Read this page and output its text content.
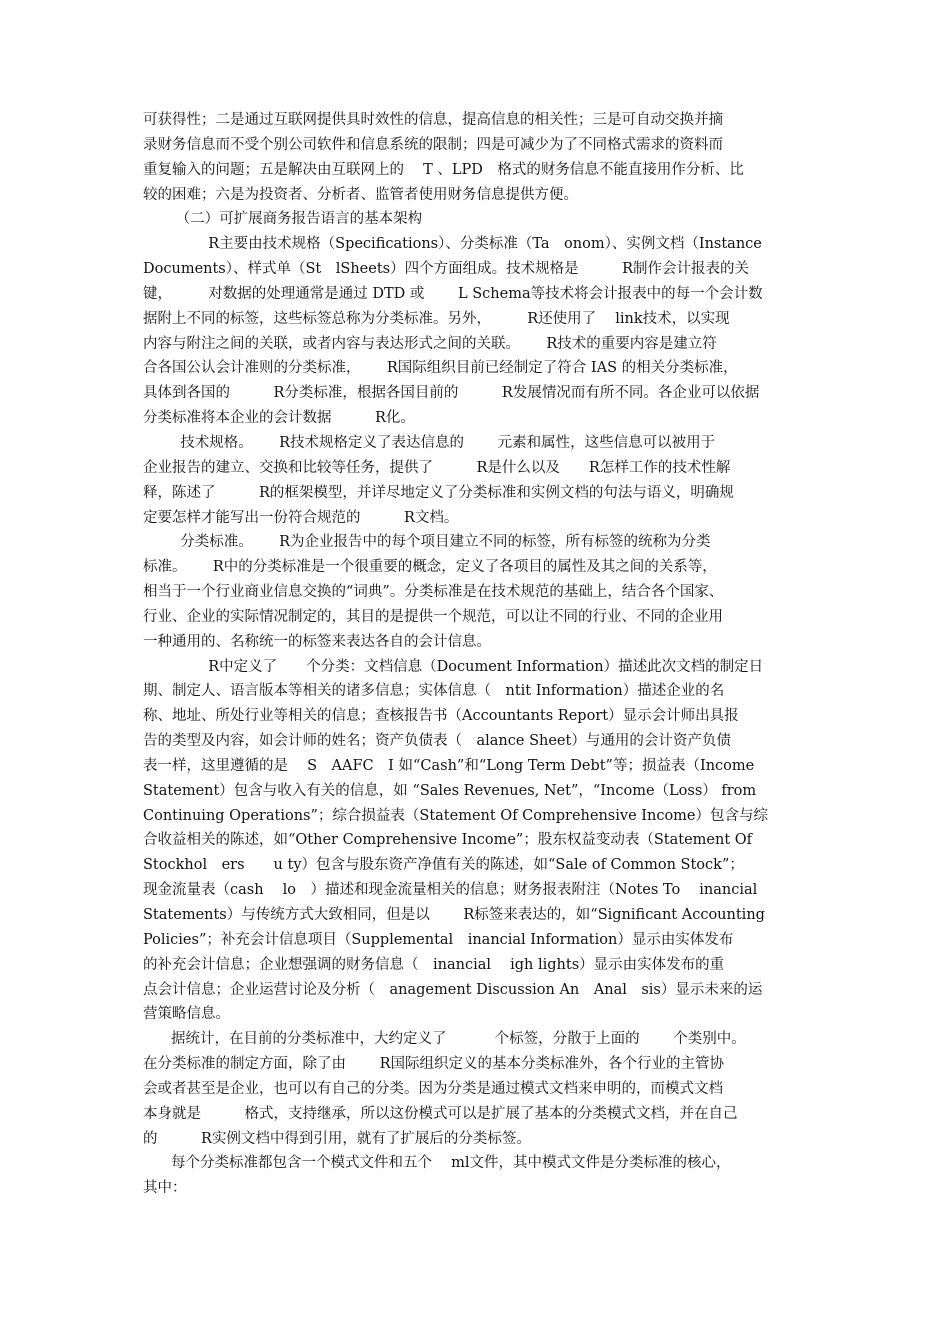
可获得性；二是通过互联网提供具时效性的信息，提高信息的相关性；三是可自动交换并摘
录财务信息而不受个别公司软件和信息系统的限制；四是可减少为了不同格式需求的资料而
重复输入的问题；五是解决由互联网上的　 T 、LPD　格式的财务信息不能直接用作分析、比
较的困难；六是为投资者、分析者、监管者使用财务信息提供方便。
（二）可扩展商务报告语言的基本架构
R主要由技术规格（Specifications）、分类标准（Ta　onom）、实例文档（Instance
Documents）、样式单（St　lSheets）四个方面组成。技术规格是　　　R制作会计报表的关
键，　　　对数据的处理通常是通过 DTD 或　　 L Schema等技术将会计报表中的每一个会计数
据附上不同的标签，这些标签总称为分类标准。另外，　　　R还使用了　 link技术，以实现
内容与附注之间的关联，或者内容与表达形式之间的关联。　　 R技术的重要内容是建立符
合各国公认会计准则的分类标准，　　 R国际组织目前已经制定了符合 IAS 的相关分类标准，
具体到各国的　　　R分类标准，根据各国目前的　　　R发展情况而有所不同。各企业可以依据
分类标准将本企业的会计数据　　　R化。
技术规格。　　 R技术规格定义了表达信息的　　 元素和属性，这些信息可以被用于
企业报告的建立、交换和比较等任务，提供了　　　R是什么以及　　R怎样工作的技术性解
释，陈述了　　　R的框架模型，并详尽地定义了分类标准和实例文档的句法与语义，明确规
定要怎样才能写出一份符合规范的　　　R文档。
分类标准。　　 R为企业报告中的每个项目建立不同的标签，所有标签的统称为分类
标准。　　 R中的分类标准是一个很重要的概念，定义了各项目的属性及其之间的关系等，
相当于一个行业商业信息交换的“词典”。分类标准是在技术规范的基础上，结合各个国家、
行业、企业的实际情况制定的，其目的是提供一个规范，可以让不同的行业、不同的企业用
一种通用的、名称统一的标签来表达各自的会计信息。
R中定义了　　个分类：文档信息（Document Information）描述此次文档的制定日
期、制定人、语言版本等相关的诸多信息；实体信息（　ntit Information）描述企业的名
称、地址、所处行业等相关的信息；查核报告书（Accountants Report）显示会计师出具报
告的类型及内容，如会计师的姓名；资产负债表（　alance Sheet）与通用的会计资产负债
表一样，这里遵循的是　 S　AAFC　I 如“Cash”和“Long Term Debt”等；损益表（Income
Statement）包含与收入有关的信息，如 “Sales Revenues, Net”，“Income（Loss） from
Continuing Operations”；综合损益表（Statement Of Comprehensive Income）包含与综
合收益相关的陈述，如“Other Comprehensive Income”；股东权益变动表（Statement Of
Stockhol　ers　　u ty）包含与股东资产净值有关的陈述，如“Sale of Common Stock”；
现金流量表（cash　 lo　）描述和现金流量相关的信息；财务报表附注（Notes To　 inancial
Statements）与传统方式大致相同，但是以　　 R标签来表达的，如“Significant Accounting
Policies”；补充会计信息项目（Supplemental　inancial Information）显示由实体发布
的补充会计信息；企业想强调的财务信息（　inancial　 igh lights）显示由实体发布的重
点会计信息；企业运营讨论及分析（　anagement Discussion An　Anal　sis）显示未来的运
营策略信息。
据统计，在目前的分类标准中，大约定义了　　　 个标签，分散于上面的　　 个类别中。
在分类标准的制定方面，除了由　　 R国际组织定义的基本分类标准外，各个行业的主管协
会或者甚至是企业，也可以有自己的分类。因为分类是通过模式文档来申明的，而模式文档
本身就是　　　格式，支持继承，所以这份模式可以是扩展了基本的分类模式文档，并在自己
的　　　R实例文档中得到引用，就有了扩展后的分类标签。
每个分类标准都包含一个模式文件和五个　 ml文件，其中模式文件是分类标准的核心，
其中：
